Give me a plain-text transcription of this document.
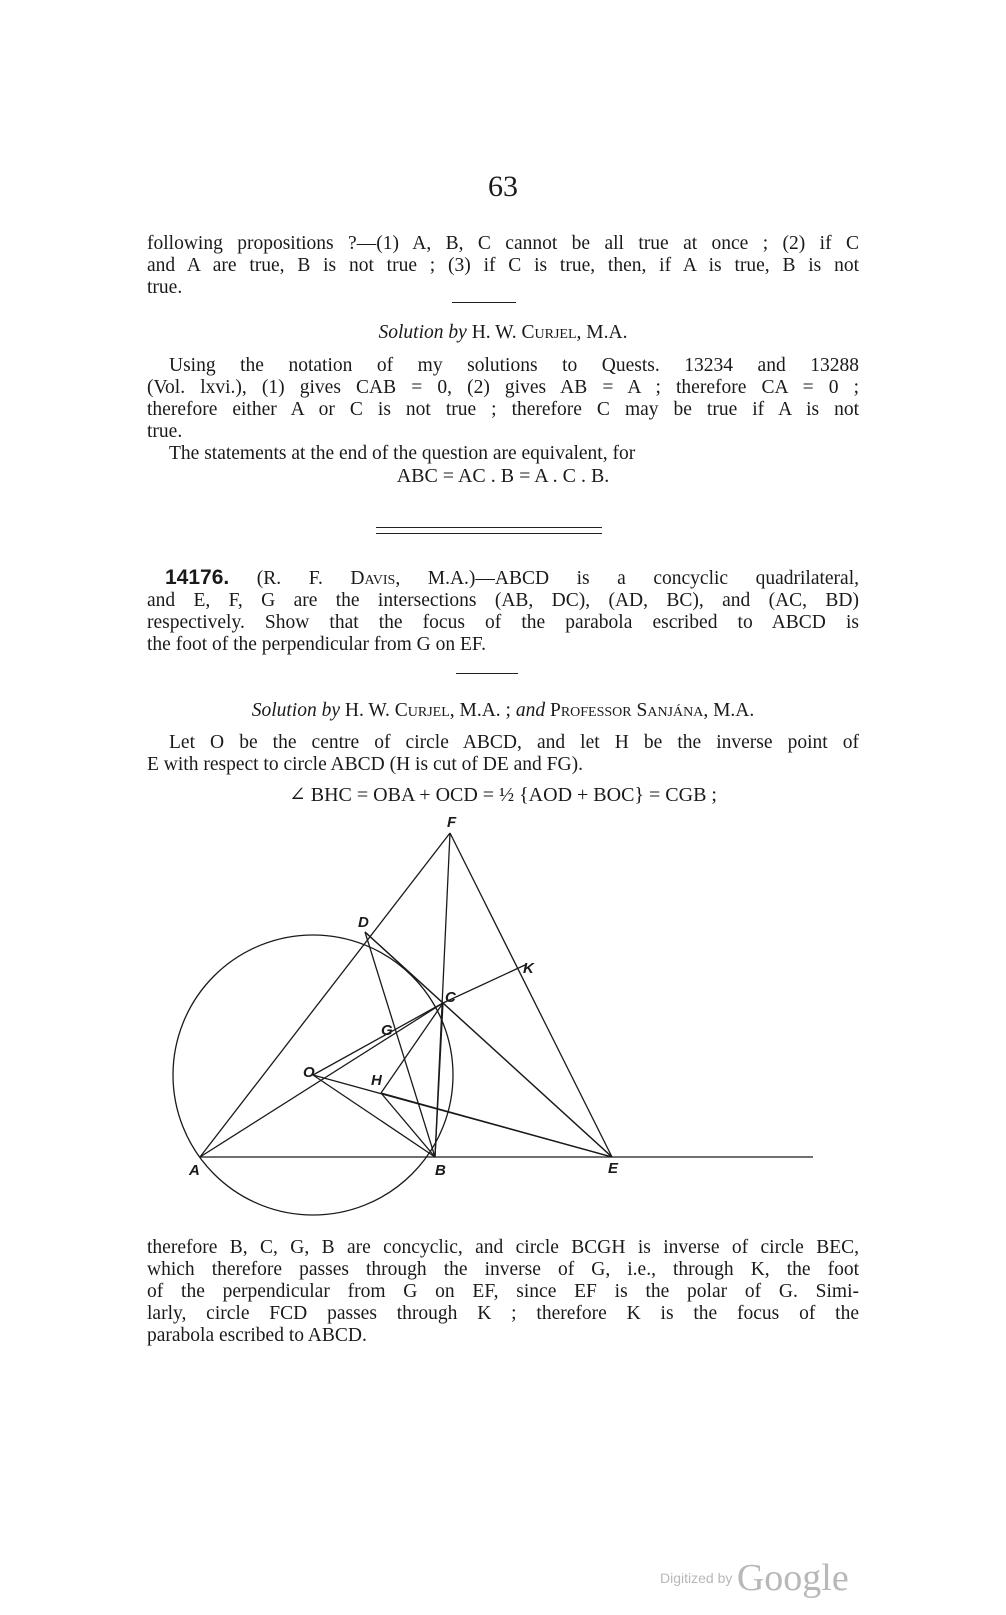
63
following propositions ?—(1) A, B, C cannot be all true at once ; (2) if C
and A are true, B is not true ; (3) if C is true, then, if A is true, B is not
true.
Solution by H. W. Curjel, M.A.
Using the notation of my solutions to Quests. 13234 and 13288
(Vol. lxvi.), (1) gives CAB = 0, (2) gives AB = A ; therefore CA = 0 ;
therefore either A or C is not true ; therefore C may be true if A is not
true.
The statements at the end of the question are equivalent, for
ABC = AC . B = A . C . B.
14176. (R. F. Davis, M.A.)—ABCD is a concyclic quadrilateral,
and E, F, G are the intersections (AB, DC), (AD, BC), and (AC, BD)
respectively. Show that the focus of the parabola escribed to ABCD is
the foot of the perpendicular from G on EF.
Solution by H. W. Curjel, M.A. ; and Professor Sanjána, M.A.
Let O be the centre of circle ABCD, and let H be the inverse point of
E with respect to circle ABCD (H is cut of DE and FG).
∠ BHC = OBA + OCD = ½ {AOD + BOC} = CGB ;
F
D
K
C
G
O	H
A	B	E
therefore B, C, G, B are concyclic, and circle BCGH is inverse of circle BEC,
which therefore passes through the inverse of G, i.e., through K, the foot
of the perpendicular from G on EF, since EF is the polar of G. Simi-
larly, circle FCD passes through K ; therefore K is the focus of the
parabola escribed to ABCD.
Digitized by Google
